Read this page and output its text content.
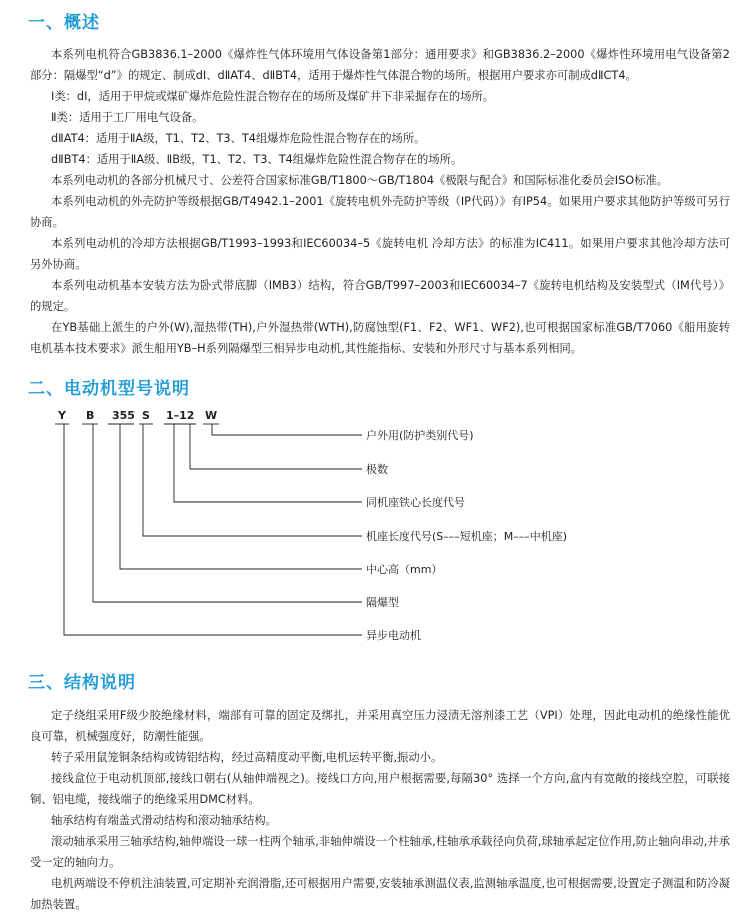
一、概述

本系列电机符合GB3836.1–2000《爆炸性气体环境用气体设备第1部分：通用要求》和GB3836.2–2000《爆炸性环境用电气设备第2部分：隔爆型“d”》的规定、制成dⅠ、dⅡAT4、dⅡBT4，适用于爆炸性气体混合物的场所。根据用户要求亦可制成dⅡCT4。

Ⅰ类：dⅠ，适用于甲烷或煤矿爆炸危险性混合物存在的场所及煤矿井下非采掘存在的场所。

Ⅱ类：适用于工厂用电气设备。

dⅡAT4：适用于ⅡA级，T1、T2、T3、T4组爆炸危险性混合物存在的场所。

dⅡBT4：适用于ⅡA级、ⅡB级，T1、T2、T3、T4组爆炸危险性混合物存在的场所。

本系列电动机的各部分机械尺寸、公差符合国家标准GB/T1800～GB/T1804《极限与配合》和国际标准化委员会ISO标准。

本系列电动机的外壳防护等级根据GB/T4942.1–2001《旋转电机外壳防护等级（IP代码）》有IP54。如果用户要求其他防护等级可另行协商。

本系列电动机的冷却方法根据GB/T1993–1993和IEC60034–5《旋转电机 冷却方法》的标准为IC411。如果用户要求其他冷却方法可另外协商。

本系列电动机基本安装方法为卧式带底脚（IMB3）结构，符合GB/T997–2003和IEC60034–7《旋转电机结构及安装型式（IM代号）》的规定。

在YB基础上派生的户外(W),湿热带(TH),户外湿热带(WTH),防腐蚀型(F1、F2、WF1、WF2),也可根据国家标准GB/T7060《船用旋转电机基本技术要求》派生船用YB–H系列隔爆型三相异步电动机,其性能指标、安装和外形尺寸与基本系列相同。

二、电动机型号说明
Y B 355 S 1–12 W
户外用(防护类别代号)
极数
同机座铁心长度代号
机座长度代号(S–––短机座；M–––中机座)
中心高（mm）
隔爆型
异步电动机
三、结构说明

定子绕组采用F级少胶绝缘材料，端部有可靠的固定及绑扎，并采用真空压力浸渍无溶剂漆工艺（VPI）处理，因此电动机的绝缘性能优良可靠，机械强度好，防潮性能强。

转子采用鼠笼铜条结构或铸铝结构，经过高精度动平衡,电机运转平衡,振动小。

接线盒位于电动机顶部,接线口朝右(从轴伸端视之)。接线口方向,用户根据需要,每隔30° 选择一个方向,盒内有宽敞的接线空腔，可联接铜、铝电缆，接线端子的绝缘采用DMC材料。

轴承结构有端盖式滑动结构和滚动轴承结构。

滚动轴承采用三轴承结构,轴伸端设一球一柱两个轴承,非轴伸端设一个柱轴承,柱轴承承载径向负荷,球轴承起定位作用,防止轴向串动,并承受一定的轴向力。

电机两端设不停机注油装置,可定期补充润滑脂,还可根据用户需要,安装轴承测温仪表,监测轴承温度,也可根据需要,设置定子测温和防冷凝加热装置。
